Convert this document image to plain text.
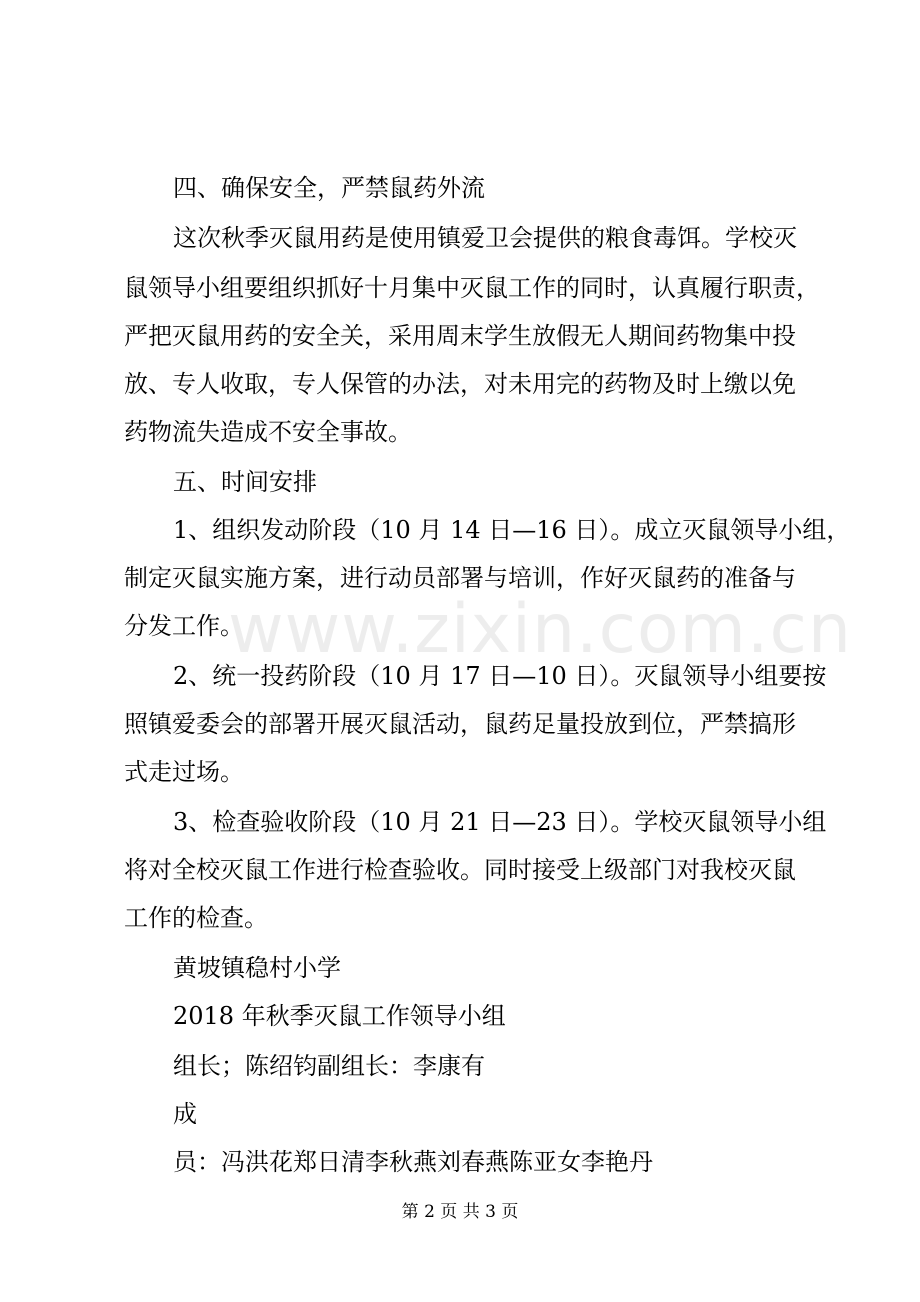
www.zixin.com.cn
四、确保安全，严禁鼠药外流
这次秋季灭鼠用药是使用镇爱卫会提供的粮食毒饵。学校灭
鼠领导小组要组织抓好十月集中灭鼠工作的同时，认真履行职责，
严把灭鼠用药的安全关，采用周末学生放假无人期间药物集中投
放、专人收取，专人保管的办法，对未用完的药物及时上缴以免
药物流失造成不安全事故。
五、时间安排
1、组织发动阶段（10 月 14 日—16 日）。成立灭鼠领导小组，
制定灭鼠实施方案，进行动员部署与培训，作好灭鼠药的准备与
分发工作。
2、统一投药阶段（10 月 17 日—10 日）。灭鼠领导小组要按
照镇爱委会的部署开展灭鼠活动，鼠药足量投放到位，严禁搞形
式走过场。
3、检查验收阶段（10 月 21 日—23 日）。学校灭鼠领导小组
将对全校灭鼠工作进行检查验收。同时接受上级部门对我校灭鼠
工作的检查。
黄坡镇稳村小学
2018 年秋季灭鼠工作领导小组
组长；陈绍钧副组长：李康有
成
员：冯洪花郑日清李秋燕刘春燕陈亚女李艳丹
第 2 页 共 3 页
